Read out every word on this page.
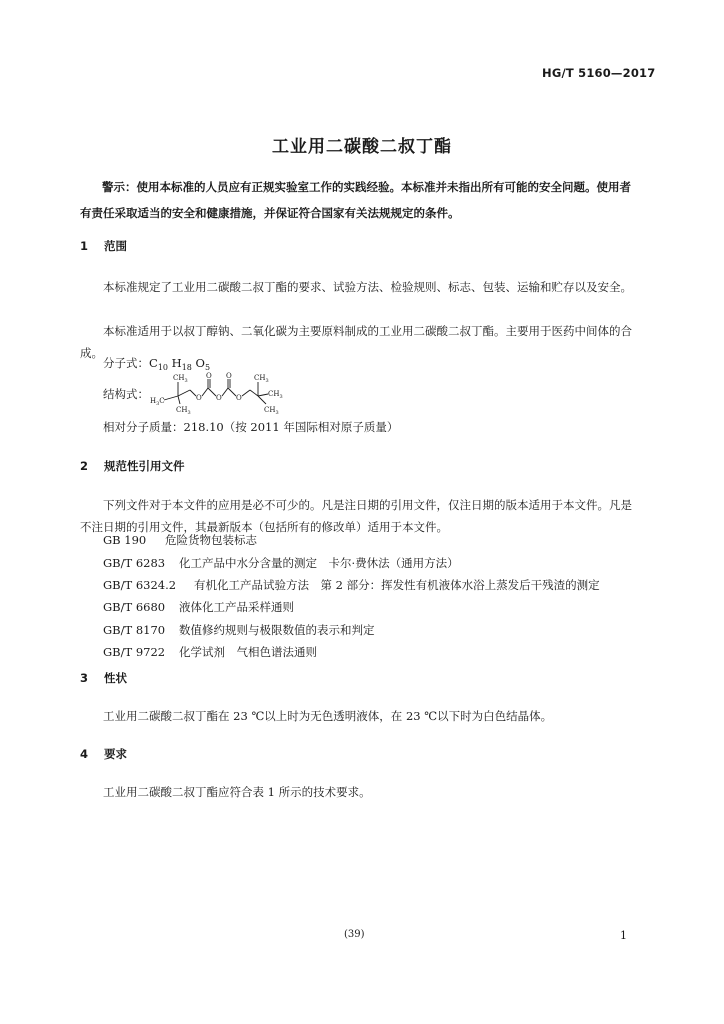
HG/T 5160—2017
工业用二碳酸二叔丁酯
警示：使用本标准的人员应有正规实验室工作的实践经验。本标准并未指出所有可能的安全问题。使用者有责任采取适当的安全和健康措施，并保证符合国家有关法规规定的条件。
1 范围
本标准规定了工业用二碳酸二叔丁酯的要求、试验方法、检验规则、标志、包装、运输和贮存以及安全。
本标准适用于以叔丁醇钠、二氧化碳为主要原料制成的工业用二碳酸二叔丁酯。主要用于医药中间体的合成。
分子式：$C_{10}$ $H_{18}$ $O_5$
结构式：
$CH_3$
$H_3C$
$CH_3$
O
O
O
O
O
$CH_3$
$CH_3$
$CH_3$
相对分子质量：218.10（按 2011 年国际相对原子质量）
2 规范性引用文件
下列文件对于本文件的应用是必不可少的。凡是注日期的引用文件，仅注日期的版本适用于本文件。凡是不注日期的引用文件，其最新版本（包括所有的修改单）适用于本文件。
GB 190 危险货物包装标志
GB/T 6283 化工产品中水分含量的测定　卡尔·费休法（通用方法）
GB/T 6324.2 有机化工产品试验方法　第 2 部分：挥发性有机液体水浴上蒸发后干残渣的测定
GB/T 6680 液体化工产品采样通则
GB/T 8170 数值修约规则与极限数值的表示和判定
GB/T 9722 化学试剂　气相色谱法通则
3 性状
工业用二碳酸二叔丁酯在 23 ℃以上时为无色透明液体，在 23 ℃以下时为白色结晶体。
4 要求
工业用二碳酸二叔丁酯应符合表 1 所示的技术要求。
(39)	1
